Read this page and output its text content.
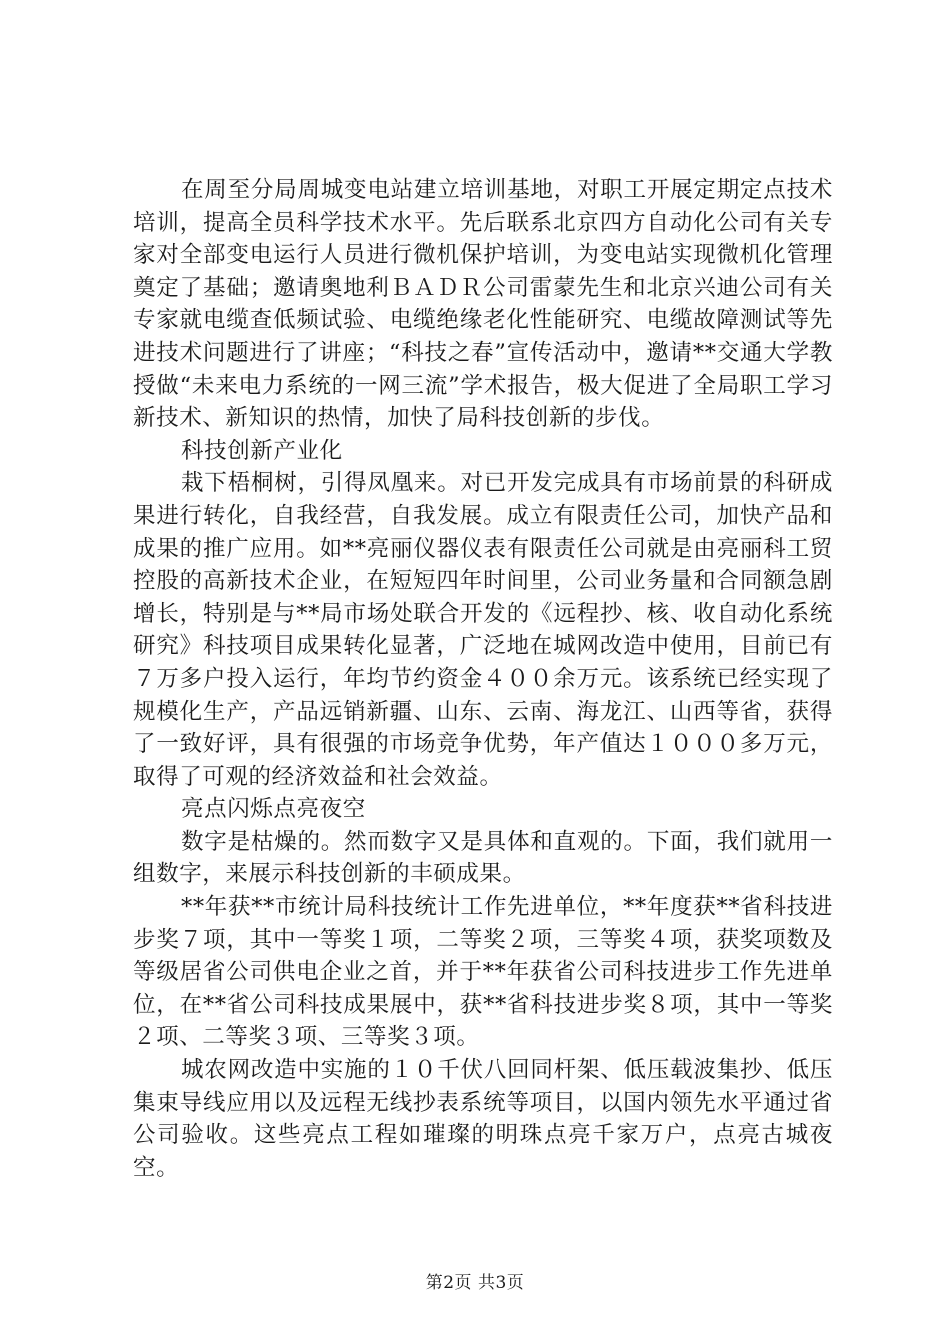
在周至分局周城变电站建立培训基地，对职工开展定期定点技术培训，提高全员科学技术水平。先后联系北京四方自动化公司有关专家对全部变电运行人员进行微机保护培训，为变电站实现微机化管理奠定了基础；邀请奥地利ＢＡＤＲ公司雷蒙先生和北京兴迪公司有关专家就电缆查低频试验、电缆绝缘老化性能研究、电缆故障测试等先进技术问题进行了讲座；“科技之春”宣传活动中，邀请**交通大学教授做“未来电力系统的一网三流”学术报告，极大促进了全局职工学习新技术、新知识的热情，加快了局科技创新的步伐。

科技创新产业化

栽下梧桐树，引得凤凰来。对已开发完成具有市场前景的科研成果进行转化，自我经营，自我发展。成立有限责任公司，加快产品和成果的推广应用。如**亮丽仪器仪表有限责任公司就是由亮丽科工贸控股的高新技术企业，在短短四年时间里，公司业务量和合同额急剧增长，特别是与**局市场处联合开发的《远程抄、核、收自动化系统研究》科技项目成果转化显著，广泛地在城网改造中使用，目前已有７万多户投入运行，年均节约资金４００余万元。该系统已经实现了规模化生产，产品远销新疆、山东、云南、海龙江、山西等省，获得了一致好评，具有很强的市场竞争优势，年产值达１０００多万元，取得了可观的经济效益和社会效益。

亮点闪烁点亮夜空

数字是枯燥的。然而数字又是具体和直观的。下面，我们就用一组数字，来展示科技创新的丰硕成果。

**年获**市统计局科技统计工作先进单位，**年度获**省科技进步奖７项，其中一等奖１项，二等奖２项，三等奖４项，获奖项数及等级居省公司供电企业之首，并于**年获省公司科技进步工作先进单位，在**省公司科技成果展中，获**省科技进步奖８项，其中一等奖２项、二等奖３项、三等奖３项。

城农网改造中实施的１０千伏八回同杆架、低压载波集抄、低压集束导线应用以及远程无线抄表系统等项目，以国内领先水平通过省公司验收。这些亮点工程如璀璨的明珠点亮千家万户，点亮古城夜空。

第2页 共3页
